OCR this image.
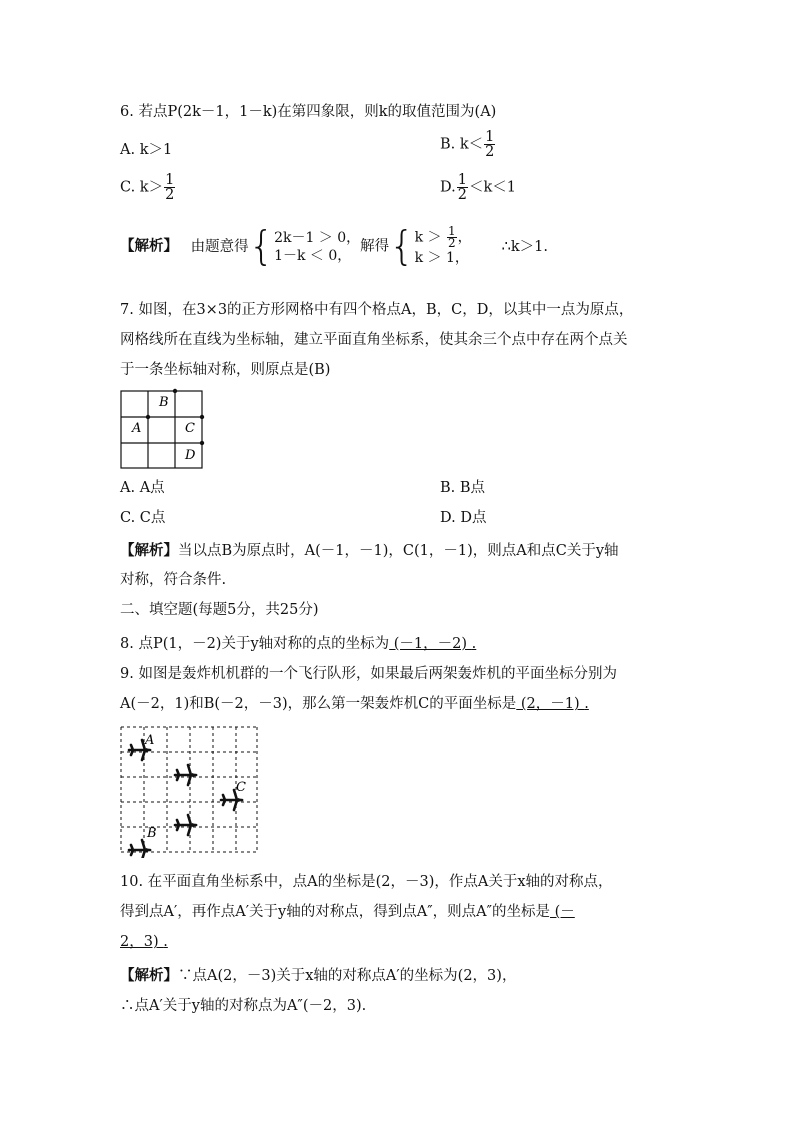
6. 若点P(2k－1，1－k)在第四象限，则k的取值范围为(A)
A. k＞1	B. $k< \frac{1}{2}$
C. $k> \frac{1}{2}$	D. $\frac{1}{2} <k<1$
【解析】 由题意得{ 2k－1 ＞ 0，
1－k ＜ 0，
解得{ $k > \frac{1}{2}$ ，
k ＞ 1，
∴k＞1.
7. 如图，在3×3的正方形网格中有四个格点A，B，C，D，以其中一点为原点，
网格线所在直线为坐标轴，建立平面直角坐标系，使其余三个点中存在两个点关
于一条坐标轴对称，则原点是(B)
A
B
C
D
A. A点	B. B点
C. C点	D. D点
【解析】当以点B为原点时，A(－1，－1)，C(1，－1)，则点A和点C关于y轴
对称，符合条件.
二、填空题(每题5分，共25分)
8. 点P(1，－2)关于y轴对称的点的坐标为 (－1，－2) .
9. 如图是轰炸机机群的一个飞行队形，如果最后两架轰炸机的平面坐标分别为
A(－2，1)和B(－2，－3)，那么第一架轰炸机C的平面坐标是 (2，－1) .
A
B
C
10. 在平面直角坐标系中，点A的坐标是(2，－3)，作点A关于x轴的对称点，
得到点A′，再作点A′关于y轴的对称点，得到点A″，则点A″的坐标是 (－
2，3) .
【解析】∵点A(2，－3)关于x轴的对称点A′的坐标为(2，3)，
∴点A′关于y轴的对称点为A″(－2，3).
